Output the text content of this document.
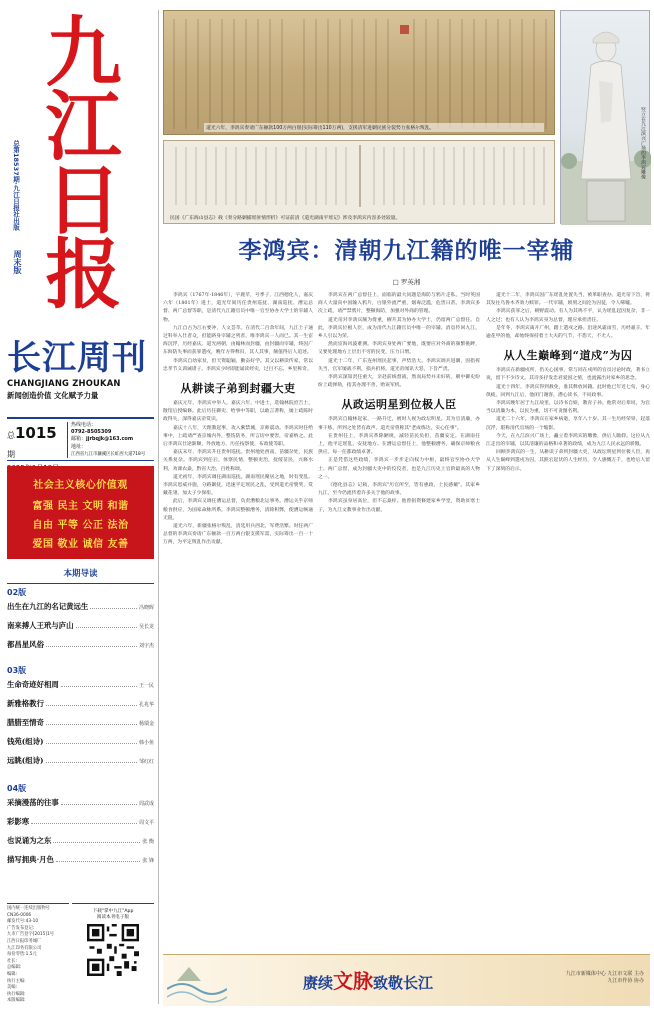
九江日报
总第18537期·九江日报社出版
周末版
长江周刊
CHANGJIANG ZHOUKAN
新闻创造价值 文化赋予力量
总1015期
热线电话：
0792-8505309
邮箱：jjrbqjk@163.com
地址：
江西省九江市濂溪区长虹西大道718号
社会主义核心价值观
富强 民主 文明 和谐
自由 平等 公正 法治
爱国 敬业 诚信 友善
本期导读
02版
出生在九江的名记黄远生	冯晓晖
南来搏人王玳与庐山	吴长龙
都昌星风俗	刘宇杰
03版
生命奇迹好相周	王一民
新雅格教行	孔兆华
腊腊至情奇	杨瑞金
钱苑(组诗)	韩小鱼
远眺(组诗)	邹红红
04版
采摘漫荡的往事	周武成
彩影寒	周文平
也说诵为之东	张 衡
描写拥典·月色	张 锋
国内统一连续出版物号
CN36-0006
邮发代号:43-10
广告发布登记:
九市广告登字[2015]1号
江西日报印务城厂
九江印务有限公司
每份零售:1.5元
社长:
总编辑:
编辑:
执行主编:
美编:
执行编辑:
本版编辑:
下载"掌中九江"App
阅读本刊电子版
道光六年，李鸿宾奏请广东额款100万两白银(实际筹出110万两)，支援清军进剿民族分裂势力张格尔叛乱。
民国《广东海山县志》载《奏分路剿捕瑶匪情形折》可证前清《道光湖南平瑶记》涉及李鸿宾内容多处较量。
竖立在九江滨兴广场的李鸿宾雕像
李鸿宾：清朝九江籍的唯一宰辅
□ 罗英湘

李鸿宾（1767年-1846年），字鹿苹，号季子，江西德化人，嘉庆六年（1801年）进士，道光年间历任贵州巡抚、湖南巡抚、漕运总督、两广总督等职，是清代九江籍官员中唯一官至协办大学士的宰辅人物。

九江自古为江右要冲，人文荟萃。在清代二百余年间，九江士子通过科举入仕者众，但能跻身宰辅之列者，唯李鸿宾一人而已。其一生宦海沉浮，历经嘉庆、道光两朝，由翰林而封疆，由封疆而宰辅，终因广东海防失事而获罪遣戍，晚年方得释归，其人其事，颇值得后人追述。

李鸿宾自幼家贫，但天资聪颖，勤奋好学。其父以耕读传家，常以忠孝节义训诫诸子。李鸿宾少时即能诵读经史，过目不忘，乡里称奇。

从耕读子弟到封疆大吏

嘉庆元年，李鸿宾中举人。嘉庆六年，中进士，选翰林院庶吉士，散馆后授编修。此后历任御史、给事中等职，以敢言著称，屡上疏陈时政得失，深得嘉庆帝赏识。

嘉庆十八年，天理教起事，攻入紫禁城，京师震动。李鸿宾时任给事中，上疏请严查京城内外，整饬防务，所言切中要害，帝嘉纳之。此后李鸿宾仕途渐顺，外放地方，历任按察使、布政使等职。

嘉庆末年，李鸿宾升任贵州巡抚。贵州地处西南，苗疆杂处，民族关系复杂。李鸿宾到任后，体察民情，整顿吏治，抚绥苗民，兴修水利，劝课农桑，黔省大治，百姓称颂。

道光初年，李鸿宾调任湖南巡抚。湖南瑶民聚居之地，时有变乱。李鸿宾恩威并施，分路剿抚，迅速平定瑶民之乱，受到道光帝褒奖，赏戴花翎，加太子少保衔。

此后，李鸿宾又调任漕运总督，负责漕粮北运事务。漕运关乎京师粮食供应，为国家命脉所系。李鸿宾整顿漕务，清除积弊，使漕运畅通无阻。

道光六年，新疆张格尔叛乱，清廷用兵西北，军费浩繁。时任两广总督的李鸿宾奏请广东额款一百万两白银支援军需，实际筹出一百一十万两，为平定叛乱作出贡献。

李鸿宾在两广总督任上，面临的最大问题是海防与鸦片走私。当时英国商人大量向中国输入鸦片，白银外流严重，烟毒泛滥，危害日甚。李鸿宾多次上疏，请严禁鸦片，整顿海防，加强对外商的管理。

道光帝对李鸿宾颇为倚重，擢升其为协办大学士，仍留两广总督任。自此，李鸿宾位极人臣，成为清代九江籍官员中唯一的宰辅。消息传回九江，乡人引以为荣。

然而宦海风波难测。李鸿宾身处两广要地，既要应对外商的频繁挑衅，又要处理地方上层出不穷的民变，压力日增。

道光十二年，广东连州瑶民起事，声势浩大。李鸿宾调兵进剿，因指挥失当，官军屡战不利，损兵折将。道光帝闻讯大怒，下旨严责。

李鸿宾深知责任重大，亲赴前线督战，然而局势并未好转。朝中御史纷纷上疏弹劾，指其办理不善，贻误军机。

从政运明星到位极人臣

李鸿宾自翰林起家，一路升迁，被时人视为政坛明星。其为官清廉，办事干练，所到之处皆有政声。道光帝曾称其"老成练达，实心任事"。

在贵州任上，李鸿宾革除陋规，减轻苗民负担，苗疆安定。在湖南任上，他平定瑶乱，安抚地方。在漕运总督任上，他整顿漕务，确保京师粮食供应。每一任都政绩卓著。

正是凭借这些政绩，李鸿宾一步步走向权力中枢，最终官至协办大学士、两广总督，成为封疆大吏中的佼佼者，也是九江历史上官阶最高的人物之一。

《德化县志》记载，李鸿宾"历官所至，皆有惠政，士民感戴"。其家乡九江，至今仍流传着许多关于他的故事。

李鸿宾虽身居高位，但不忘桑梓。他曾捐资修建家乡学堂，资助贫寒士子，为九江文教事业作出贡献。

道光十二年，李鸿宾因广东瑶乱处置失当，被革职查办。道光帝下旨，将其发往乌鲁木齐效力赎罪。一代宰辅，顷刻之间沦为囚徒，令人唏嘘。

李鸿宾获罪之后，朝野震动。有人为其鸣不平，认为瑶乱起因复杂，非一人之过；也有人认为李鸿宾身为总督，理应承担责任。

是年冬，李鸿宾离开广州，踏上遣戍之路。沿途风霜雨雪，历经艰辛。年逾花甲的他，却始终保持着士大夫的气节，不怨天，不尤人。

从人生巅峰到“道戍”为囚

李鸿宾在新疆戍所，仍关心国事，常与同在戍所的官员讨论时政，著书立说，留下不少诗文。其诗多抒发忠君爱国之情，也流露出对家乡的思念。

道光十四年，李鸿宾得到赦免，准其释放回籍。此时他已年近七旬，身心俱疲。回到九江后，他闭门谢客，潜心读书，不问政事。

李鸿宾晚年居于九江故里，以诗书自娱，教育子孙。他常对后辈说，为官当以清廉为本，以民为重，切不可贪图名利。

道光二十六年，李鸿宾在家乡病逝，享年八十岁。其一生历经荣辱，起落沉浮，堪称清代官场的一个缩影。

今天，在九江滨兴广场上，矗立着李鸿宾的雕像，供后人瞻仰。这位从九江走出的宰辅，以其清廉的品格和卓著的政绩，成为九江人民永远的骄傲。

回顾李鸿宾的一生，从耕读子弟到封疆大吏，从政坛明星到位极人臣，再从人生巅峰到遣戍为囚，其跌宕起伏的人生经历，令人感慨万千，也给后人留下了深刻的启示。

赓续文脉致敬长江	九江市新媒体中心 九江市文联 主办
九江市作协 协办
